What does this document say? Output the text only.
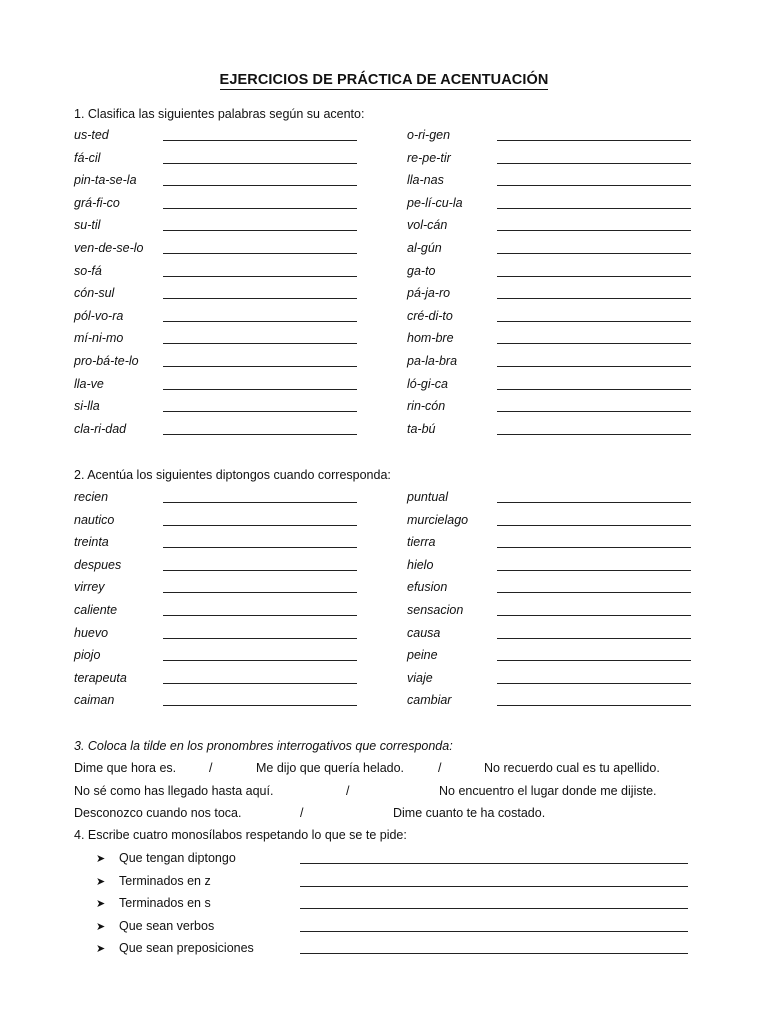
EJERCICIOS DE PRÁCTICA DE ACENTUACIÓN
1. Clasifica las siguientes palabras según su acento:
us-ted
fá-cil
pin-ta-se-la
grá-fi-co
su-til
ven-de-se-lo
so-fá
cón-sul
pól-vo-ra
mí-ni-mo
pro-bá-te-lo
lla-ve
si-lla
cla-ri-dad
o-ri-gen
re-pe-tir
lla-nas
pe-lí-cu-la
vol-cán
al-gún
ga-to
pá-ja-ro
cré-di-to
hom-bre
pa-la-bra
ló-gi-ca
rin-cón
ta-bú
2. Acentúa los siguientes diptongos cuando corresponda:
recien
nautico
treinta
despues
virrey
caliente
huevo
piojo
terapeuta
caiman
puntual
murcielago
tierra
hielo
efusion
sensacion
causa
peine
viaje
cambiar
3. Coloca la tilde en los pronombres interrogativos que corresponda:
Dime que hora es.	/	Me dijo que quería helado.	/	No recuerdo cual es tu apellido.
No sé como has llegado hasta aquí.	/	No encuentro el lugar donde me dijiste.
Desconozco cuando nos toca.	/	Dime cuanto te ha costado.
4. Escribe cuatro monosílabos respetando lo que se te pide:
➤ Que tengan diptongo
➤ Terminados en z
➤ Terminados en s
➤ Que sean verbos
➤ Que sean preposiciones
